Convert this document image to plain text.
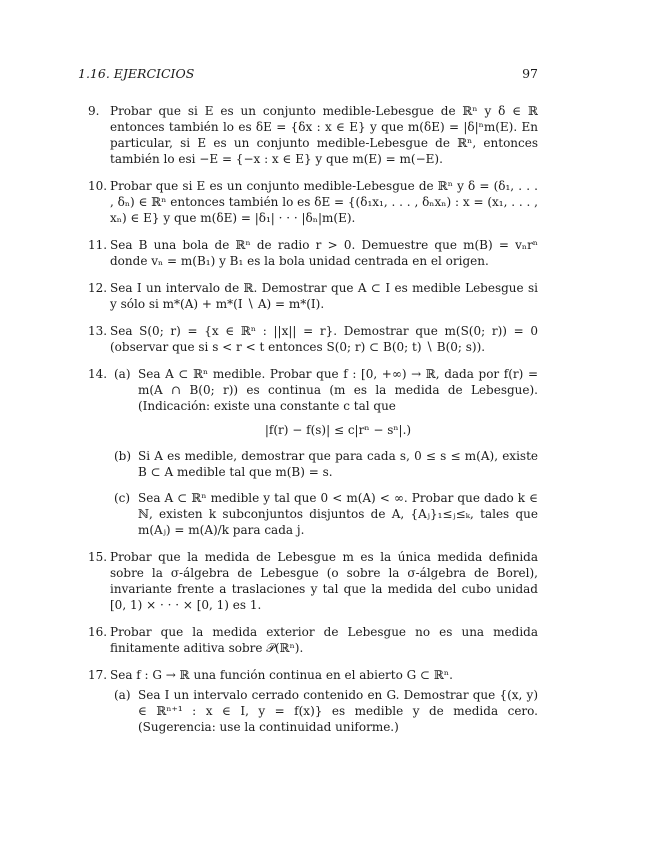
1.16. EJERCICIOS	97
9. Probar que si E es un conjunto medible-Lebesgue de ℝⁿ y δ ∈ ℝ entonces también lo es δE = {δx : x ∈ E} y que m(δE) = |δ|ⁿm(E). En particular, si E es un conjunto medible-Lebesgue de ℝⁿ, entonces también lo esi −E = {−x : x ∈ E} y que m(E) = m(−E).

10. Probar que si E es un conjunto medible-Lebesgue de ℝⁿ y δ = (δ₁, . . . , δₙ) ∈ ℝⁿ entonces también lo es δE = {(δ₁x₁, . . . , δₙxₙ) : x = (x₁, . . . , xₙ) ∈ E} y que m(δE) = |δ₁| · · · |δₙ|m(E).

11. Sea B una bola de ℝⁿ de radio r > 0. Demuestre que m(B) = vₙrⁿ donde vₙ = m(B₁) y B₁ es la bola unidad centrada en el origen.

12. Sea I un intervalo de ℝ. Demostrar que A ⊂ I es medible Lebesgue si y sólo si m*(A) + m*(I ∖ A) = m*(I).

13. Sea S(0; r) = {x ∈ ℝⁿ : ||x|| = r}. Demostrar que m(S(0; r)) = 0 (observar que si s < r < t entonces S(0; r) ⊂ B(0; t) ∖ B(0; s)).

14. (a) Sea A ⊂ ℝⁿ medible. Probar que f : [0, +∞) → ℝ, dada por f(r) = m(A ∩ B(0; r)) es continua (m es la medida de Lebesgue). (Indicación: existe una constante c tal que

|f(r) − f(s)| ≤ c|rⁿ − sⁿ|.)

(b) Si A es medible, demostrar que para cada s, 0 ≤ s ≤ m(A), existe B ⊂ A medible tal que m(B) = s.

(c) Sea A ⊂ ℝⁿ medible y tal que 0 < m(A) < ∞. Probar que dado k ∈ ℕ, existen k subconjuntos disjuntos de A, {Aⱼ}₁≤ⱼ≤ₖ, tales que m(Aⱼ) = m(A)/k para cada j.

15. Probar que la medida de Lebesgue m es la única medida definida sobre la σ-álgebra de Lebesgue (o sobre la σ-álgebra de Borel), invariante frente a traslaciones y tal que la medida del cubo unidad [0, 1) × · · · × [0, 1) es 1.

16. Probar que la medida exterior de Lebesgue no es una medida finitamente aditiva sobre 𝒫(ℝⁿ).

17. Sea f : G → ℝ una función continua en el abierto G ⊂ ℝⁿ.

(a) Sea I un intervalo cerrado contenido en G. Demostrar que {(x, y) ∈ ℝⁿ⁺¹ : x ∈ I, y = f(x)} es medible y de medida cero. (Sugerencia: use la continuidad uniforme.)
